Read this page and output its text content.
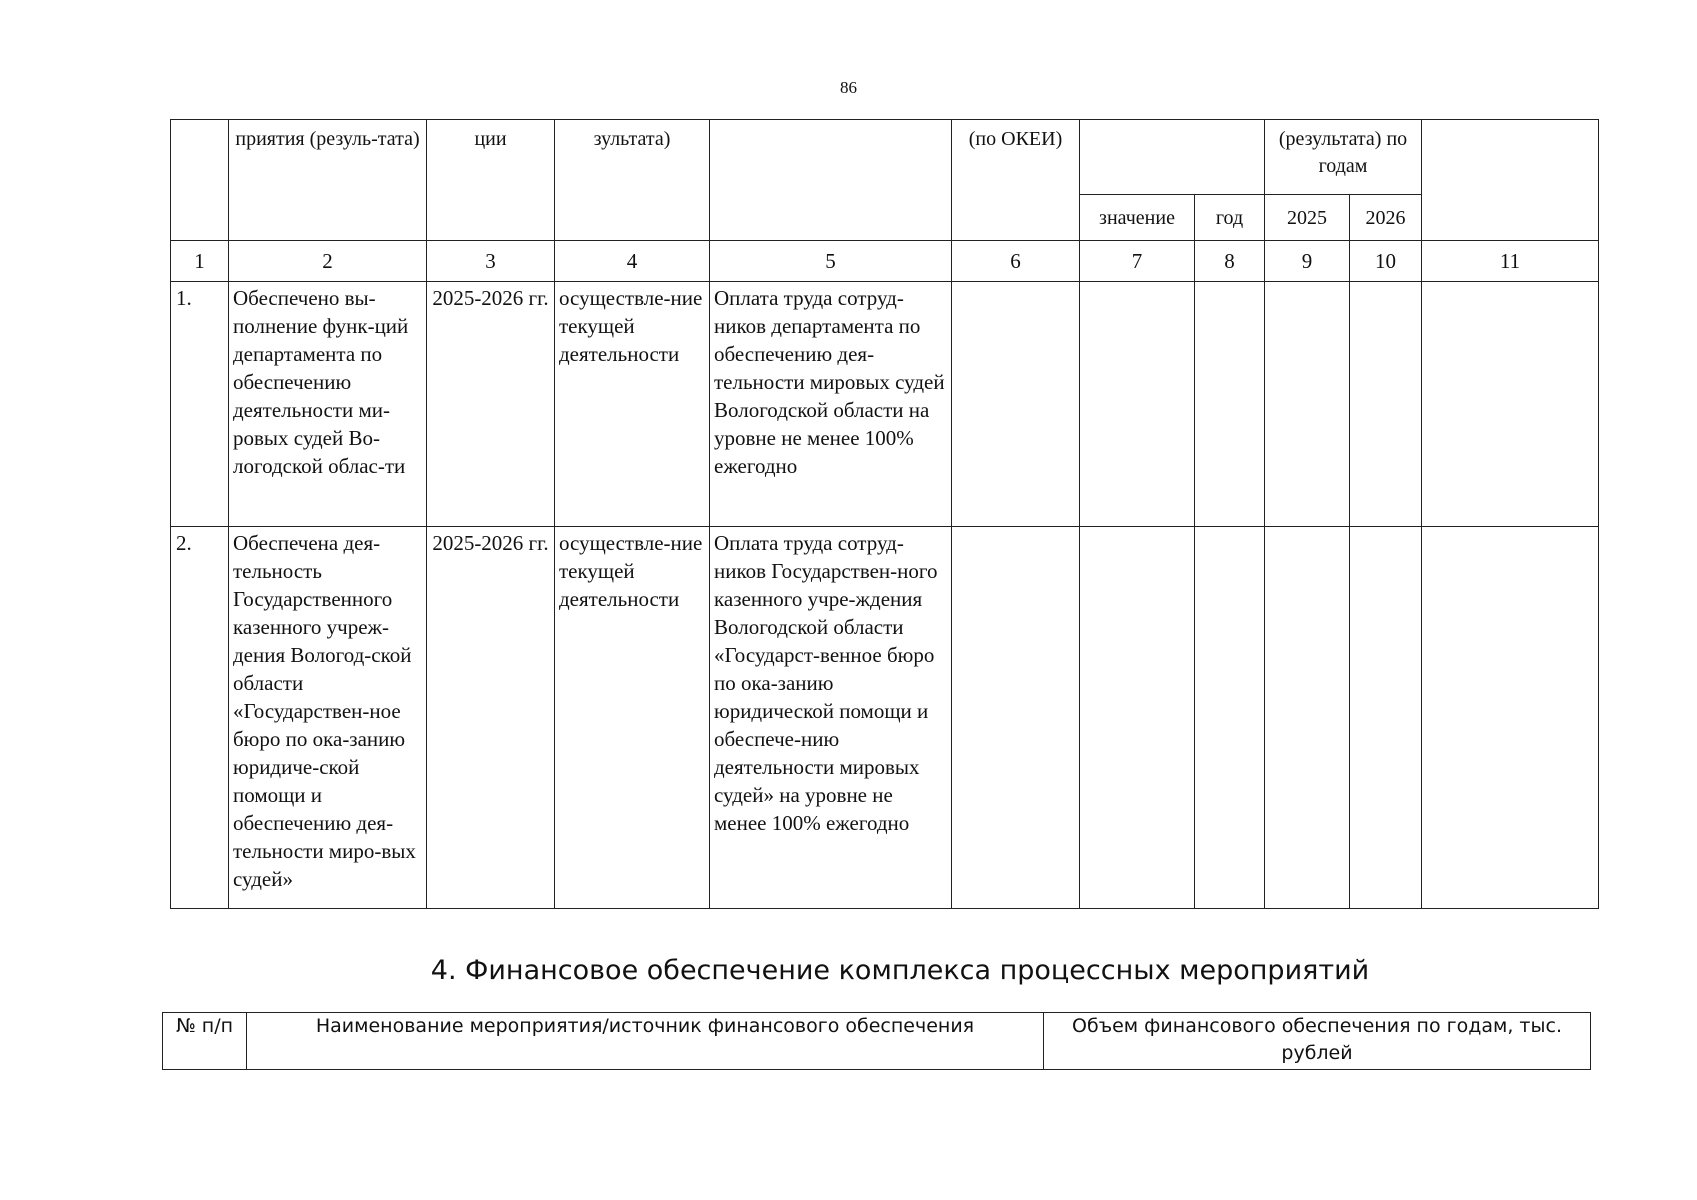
86
	приятия (резуль-тата)	ции	зультата)		(по ОКЕИ)			(результата) по годам		
						значение	год	2025	2026	
1	2	3	4	5	6	7	8	9	10	11
1.	Обеспечено вы-полнение функ-ций департамента по обеспечению деятельности ми-ровых судей Во-логодской облас-ти	2025-2026 гг.	осуществле-ние текущей деятельности	Оплата труда сотруд-ников департамента по обеспечению дея-тельности мировых судей Вологодской области на уровне не менее 100% ежегодно						
2.	Обеспечена дея-тельность Государственного казенного учреж-дения Вологод-ской области «Государствен-ное бюро по ока-занию юридиче-ской помощи и обеспечению дея-тельности миро-вых судей»	2025-2026 гг.	осуществле-ние текущей деятельности	Оплата труда сотруд-ников Государствен-ного казенного учре-ждения Вологодской области «Государст-венное бюро по ока-занию юридической помощи и обеспече-нию деятельности мировых судей» на уровне не менее 100% ежегодно						
4. Финансовое обеспечение комплекса процессных мероприятий
№ п/п	Наименование мероприятия/источник финансового обеспечения	Объем финансового обеспечения по годам, тыс. рублей
